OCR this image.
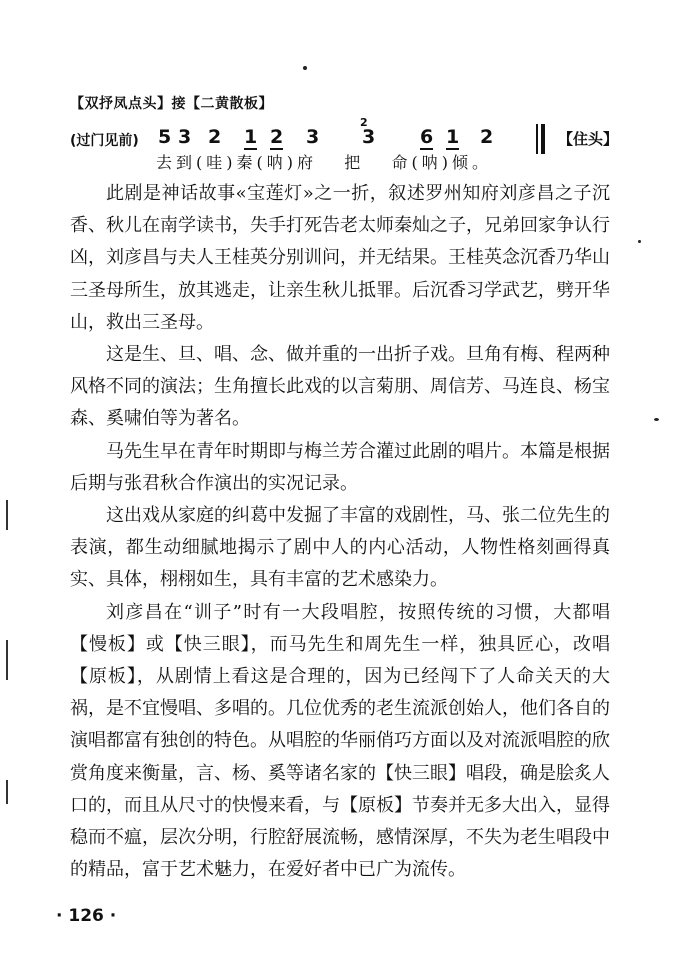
【双抒凤点头】接【二黄散板】
(过门见前) 5 3 2 1 2 3
2
3 6 1 2	【住头】
去到(哇)秦(呐)府   把   命(呐)倾。

此剧是神话故事«宝莲灯»之一折，叙述罗州知府刘彦昌之子沉香、秋儿在南学读书，失手打死告老太师秦灿之子，兄弟回家争认行凶，刘彦昌与夫人王桂英分别训问，并无结果。王桂英念沉香乃华山三圣母所生，放其逃走，让亲生秋儿抵罪。后沉香习学武艺，劈开华山，救出三圣母。

这是生、旦、唱、念、做并重的一出折子戏。旦角有梅、程两种风格不同的演法；生角擅长此戏的以言菊朋、周信芳、马连良、杨宝森、奚啸伯等为著名。

马先生早在青年时期即与梅兰芳合灌过此剧的唱片。本篇是根据后期与张君秋合作演出的实况记录。

这出戏从家庭的纠葛中发掘了丰富的戏剧性，马、张二位先生的表演，都生动细腻地揭示了剧中人的内心活动，人物性格刻画得真实、具体，栩栩如生，具有丰富的艺术感染力。

刘彦昌在“训子”时有一大段唱腔，按照传统的习惯，大都唱【慢板】或【快三眼】，而马先生和周先生一样，独具匠心，改唱【原板】，从剧情上看这是合理的，因为已经闯下了人命关天的大祸，是不宜慢唱、多唱的。几位优秀的老生流派创始人，他们各自的演唱都富有独创的特色。从唱腔的华丽俏巧方面以及对流派唱腔的欣赏角度来衡量，言、杨、奚等诸名家的【快三眼】唱段，确是脍炙人口的，而且从尺寸的快慢来看，与【原板】节奏并无多大出入，显得稳而不瘟，层次分明，行腔舒展流畅，感情深厚，不失为老生唱段中的精品，富于艺术魅力，在爱好者中已广为流传。

· 126 ·
